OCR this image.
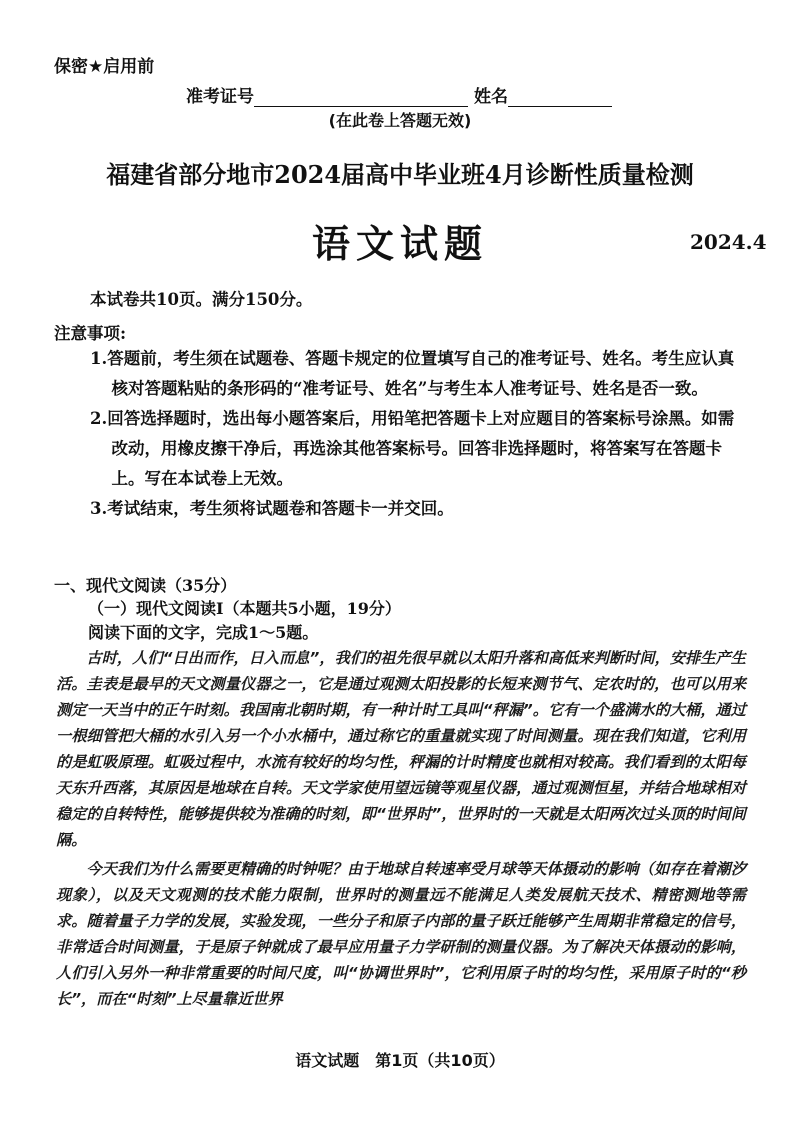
保密★启用前
准考证号	姓名
(在此卷上答题无效)
福建省部分地市2024届高中毕业班4月诊断性质量检测
语文试题	2024.4
本试卷共10页。满分150分。
注意事项:

1.答题前，考生须在试题卷、答题卡规定的位置填写自己的准考证号、姓名。考生应认真核对答题粘贴的条形码的“准考证号、姓名”与考生本人准考证号、姓名是否一致。

2.回答选择题时，选出每小题答案后，用铅笔把答题卡上对应题目的答案标号涂黑。如需改动，用橡皮擦干净后，再选涂其他答案标号。回答非选择题时，将答案写在答题卡上。写在本试卷上无效。

3.考试结束，考生须将试题卷和答题卡一并交回。

一、现代文阅读（35分）
（一）现代文阅读Ⅰ（本题共5小题，19分）
阅读下面的文字，完成1～5题。

古时，人们“日出而作，日入而息”，我们的祖先很早就以太阳升落和高低来判断时间，安排生产生活。圭表是最早的天文测量仪器之一，它是通过观测太阳投影的长短来测节气、定农时的，也可以用来测定一天当中的正午时刻。我国南北朝时期，有一种计时工具叫“秤漏”。它有一个盛满水的大桶，通过一根细管把大桶的水引入另一个小水桶中，通过称它的重量就实现了时间测量。现在我们知道，它利用的是虹吸原理。虹吸过程中，水流有较好的均匀性，秤漏的计时精度也就相对较高。我们看到的太阳每天东升西落，其原因是地球在自转。天文学家使用望远镜等观星仪器，通过观测恒星，并结合地球相对稳定的自转特性，能够提供较为准确的时刻，即“世界时”，世界时的一天就是太阳两次过头顶的时间间隔。

今天我们为什么需要更精确的时钟呢？由于地球自转速率受月球等天体摄动的影响（如存在着潮汐现象），以及天文观测的技术能力限制，世界时的测量远不能满足人类发展航天技术、精密测地等需求。随着量子力学的发展，实验发现，一些分子和原子内部的量子跃迁能够产生周期非常稳定的信号，非常适合时间测量，于是原子钟就成了最早应用量子力学研制的测量仪器。为了解决天体摄动的影响，人们引入另外一种非常重要的时间尺度，叫“协调世界时”，它利用原子时的均匀性，采用原子时的“秒长”，而在“时刻”上尽量靠近世界

语文试题　第1页（共10页）
